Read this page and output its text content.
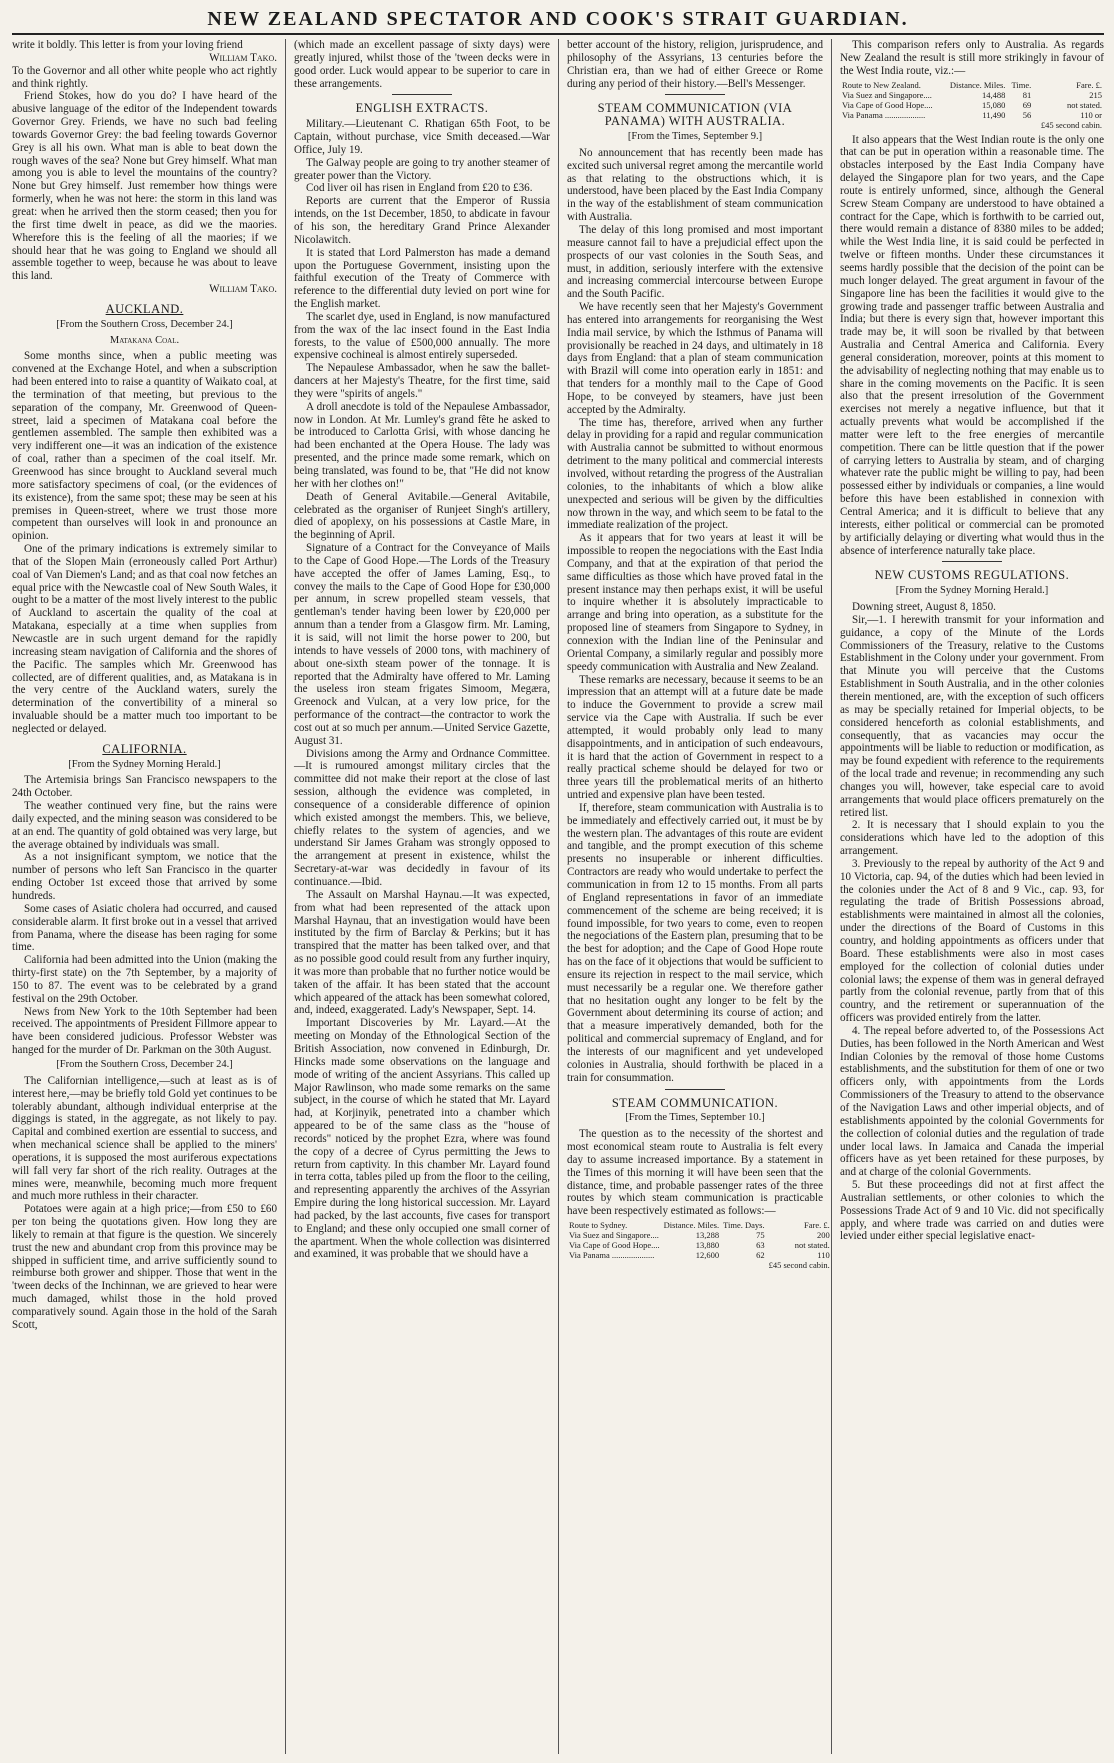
NEW ZEALAND SPECTATOR AND COOK'S STRAIT GUARDIAN.

write it boldly. This letter is from your loving friend

William Tako.

To the Governor and all other white people who act rightly and think rightly.

Friend Stokes, how do you do? I have heard of the abusive language of the editor of the Independent towards Governor Grey. Friends, we have no such bad feeling towards Governor Grey: the bad feeling towards Governor Grey is all his own. What man is able to beat down the rough waves of the sea? None but Grey himself. What man among you is able to level the mountains of the country? None but Grey himself. Just remember how things were formerly, when he was not here: the storm in this land was great: when he arrived then the storm ceased; then you for the first time dwelt in peace, as did we the maories. Wherefore this is the feeling of all the maories; if we should hear that he was going to England we should all assemble together to weep, because he was about to leave this land.

William Tako.

AUCKLAND.
[From the Southern Cross, December 24.]
Matakana Coal.

Some months since, when a public meeting was convened at the Exchange Hotel, and when a subscription had been entered into to raise a quantity of Waikato coal, at the termination of that meeting, but previous to the separation of the company, Mr. Greenwood of Queen-street, laid a specimen of Matakana coal before the gentlemen assembled. The sample then exhibited was a very indifferent one—it was an indication of the existence of coal, rather than a specimen of the coal itself. Mr. Greenwood has since brought to Auckland several much more satisfactory specimens of coal, (or the evidences of its existence), from the same spot; these may be seen at his premises in Queen-street, where we trust those more competent than ourselves will look in and pronounce an opinion.

One of the primary indications is extremely similar to that of the Slopen Main (erroneously called Port Arthur) coal of Van Diemen's Land; and as that coal now fetches an equal price with the Newcastle coal of New South Wales, it ought to be a matter of the most lively interest to the public of Auckland to ascertain the quality of the coal at Matakana, especially at a time when supplies from Newcastle are in such urgent demand for the rapidly increasing steam navigation of California and the shores of the Pacific. The samples which Mr. Greenwood has collected, are of different qualities, and, as Matakana is in the very centre of the Auckland waters, surely the determination of the convertibility of a mineral so invaluable should be a matter much too important to be neglected or delayed.

CALIFORNIA.
[From the Sydney Morning Herald.]

The Artemisia brings San Francisco newspapers to the 24th October.

The weather continued very fine, but the rains were daily expected, and the mining season was considered to be at an end. The quantity of gold obtained was very large, but the average obtained by individuals was small.

As a not insignificant symptom, we notice that the number of persons who left San Francisco in the quarter ending October 1st exceed those that arrived by some hundreds.

Some cases of Asiatic cholera had occurred, and caused considerable alarm. It first broke out in a vessel that arrived from Panama, where the disease has been raging for some time.

California had been admitted into the Union (making the thirty-first state) on the 7th September, by a majority of 150 to 87. The event was to be celebrated by a grand festival on the 29th October.

News from New York to the 10th September had been received. The appointments of President Fillmore appear to have been considered judicious. Professor Webster was hanged for the murder of Dr. Parkman on the 30th August.

[From the Southern Cross, December 24.]

The Californian intelligence,—such at least as is of interest here,—may be briefly told Gold yet continues to be tolerably abundant, although individual enterprise at the diggings is stated, in the aggregate, as not likely to pay. Capital and combined exertion are essential to success, and when mechanical science shall be applied to the miners' operations, it is supposed the most auriferous expectations will fall very far short of the rich reality. Outrages at the mines were, meanwhile, becoming much more frequent and much more ruthless in their character.

Potatoes were again at a high price;—from £50 to £60 per ton being the quotations given. How long they are likely to remain at that figure is the question. We sincerely trust the new and abundant crop from this province may be shipped in sufficient time, and arrive sufficiently sound to reimburse both grower and shipper. Those that went in the 'tween decks of the Inchinnan, we are grieved to hear were much damaged, whilst those in the hold proved comparatively sound. Again those in the hold of the Sarah Scott,

(which made an excellent passage of sixty days) were greatly injured, whilst those of the 'tween decks were in good order. Luck would appear to be superior to care in these arrangements.

ENGLISH EXTRACTS.

Military.—Lieutenant C. Rhatigan 65th Foot, to be Captain, without purchase, vice Smith deceased.—War Office, July 19.

The Galway people are going to try another steamer of greater power than the Victory.

Cod liver oil has risen in England from £20 to £36.

Reports are current that the Emperor of Russia intends, on the 1st December, 1850, to abdicate in favour of his son, the hereditary Grand Prince Alexander Nicolawitch.

It is stated that Lord Palmerston has made a demand upon the Portuguese Government, insisting upon the faithful execution of the Treaty of Commerce with reference to the differential duty levied on port wine for the English market.

The scarlet dye, used in England, is now manufactured from the wax of the lac insect found in the East India forests, to the value of £500,000 annually. The more expensive cochineal is almost entirely superseded.

The Nepaulese Ambassador, when he saw the ballet-dancers at her Majesty's Theatre, for the first time, said they were "spirits of angels."

A droll anecdote is told of the Nepaulese Ambassador, now in London. At Mr. Lumley's grand fête he asked to be introduced to Carlotta Grisi, with whose dancing he had been enchanted at the Opera House. The lady was presented, and the prince made some remark, which on being translated, was found to be, that "He did not know her with her clothes on!"

Death of General Avitabile.—General Avitabile, celebrated as the organiser of Runjeet Singh's artillery, died of apoplexy, on his possessions at Castle Mare, in the beginning of April.

Signature of a Contract for the Conveyance of Mails to the Cape of Good Hope.—The Lords of the Treasury have accepted the offer of James Laming, Esq., to convey the mails to the Cape of Good Hope for £30,000 per annum, in screw propelled steam vessels, that gentleman's tender having been lower by £20,000 per annum than a tender from a Glasgow firm. Mr. Laming, it is said, will not limit the horse power to 200, but intends to have vessels of 2000 tons, with machinery of about one-sixth steam power of the tonnage. It is reported that the Admiralty have offered to Mr. Laming the useless iron steam frigates Simoom, Megæra, Greenock and Vulcan, at a very low price, for the performance of the contract—the contractor to work the cost out at so much per annum.—United Service Gazette, August 31.

Divisions among the Army and Ordnance Committee.—It is rumoured amongst military circles that the committee did not make their report at the close of last session, although the evidence was completed, in consequence of a considerable difference of opinion which existed amongst the members. This, we believe, chiefly relates to the system of agencies, and we understand Sir James Graham was strongly opposed to the arrangement at present in existence, whilst the Secretary-at-war was decidedly in favour of its continuance.—Ibid.

The Assault on Marshal Haynau.—It was expected, from what had been represented of the attack upon Marshal Haynau, that an investigation would have been instituted by the firm of Barclay & Perkins; but it has transpired that the matter has been talked over, and that as no possible good could result from any further inquiry, it was more than probable that no further notice would be taken of the affair. It has been stated that the account which appeared of the attack has been somewhat colored, and, indeed, exaggerated. Lady's Newspaper, Sept. 14.

Important Discoveries by Mr. Layard.—At the meeting on Monday of the Ethnological Section of the British Association, now convened in Edinburgh, Dr. Hincks made some observations on the language and mode of writing of the ancient Assyrians. This called up Major Rawlinson, who made some remarks on the same subject, in the course of which he stated that Mr. Layard had, at Korjinyik, penetrated into a chamber which appeared to be of the same class as the "house of records" noticed by the prophet Ezra, where was found the copy of a decree of Cyrus permitting the Jews to return from captivity. In this chamber Mr. Layard found in terra cotta, tables piled up from the floor to the ceiling, and representing apparently the archives of the Assyrian Empire during the long historical succession. Mr. Layard had packed, by the last accounts, five cases for transport to England; and these only occupied one small corner of the apartment. When the whole collection was disinterred and examined, it was probable that we should have a

better account of the history, religion, jurisprudence, and philosophy of the Assyrians, 13 centuries before the Christian era, than we had of either Greece or Rome during any period of their history.—Bell's Messenger.

STEAM COMMUNICATION (VIA PANAMA) WITH AUSTRALIA.
[From the Times, September 9.]

No announcement that has recently been made has excited such universal regret among the mercantile world as that relating to the obstructions which, it is understood, have been placed by the East India Company in the way of the establishment of steam communication with Australia.

The delay of this long promised and most important measure cannot fail to have a prejudicial effect upon the prospects of our vast colonies in the South Seas, and must, in addition, seriously interfere with the extensive and increasing commercial intercourse between Europe and the South Pacific.

We have recently seen that her Majesty's Government has entered into arrangements for reorganising the West India mail service, by which the Isthmus of Panama will provisionally be reached in 24 days, and ultimately in 18 days from England: that a plan of steam communication with Brazil will come into operation early in 1851: and that tenders for a monthly mail to the Cape of Good Hope, to be conveyed by steamers, have just been accepted by the Admiralty.

The time has, therefore, arrived when any further delay in providing for a rapid and regular communication with Australia cannot be submitted to without enormous detriment to the many political and commercial interests involved, without retarding the progress of the Australian colonies, to the inhabitants of which a blow alike unexpected and serious will be given by the difficulties now thrown in the way, and which seem to be fatal to the immediate realization of the project.

As it appears that for two years at least it will be impossible to reopen the negociations with the East India Company, and that at the expiration of that period the same difficulties as those which have proved fatal in the present instance may then perhaps exist, it will be useful to inquire whether it is absolutely impracticable to arrange and bring into operation, as a substitute for the proposed line of steamers from Singapore to Sydney, in connexion with the Indian line of the Peninsular and Oriental Company, a similarly regular and possibly more speedy communication with Australia and New Zealand.

These remarks are necessary, because it seems to be an impression that an attempt will at a future date be made to induce the Government to provide a screw mail service via the Cape with Australia. If such be ever attempted, it would probably only lead to many disappointments, and in anticipation of such endeavours, it is hard that the action of Government in respect to a really practical scheme should be delayed for two or three years till the problematical merits of an hitherto untried and expensive plan have been tested.

If, therefore, steam communication with Australia is to be immediately and effectively carried out, it must be by the western plan. The advantages of this route are evident and tangible, and the prompt execution of this scheme presents no insuperable or inherent difficulties. Contractors are ready who would undertake to perfect the communication in from 12 to 15 months. From all parts of England representations in favor of an immediate commencement of the scheme are being received; it is found impossible, for two years to come, even to reopen the negociations of the Eastern plan, presuming that to be the best for adoption; and the Cape of Good Hope route has on the face of it objections that would be sufficient to ensure its rejection in respect to the mail service, which must necessarily be a regular one. We therefore gather that no hesitation ought any longer to be felt by the Government about determining its course of action; and that a measure imperatively demanded, both for the political and commercial supremacy of England, and for the interests of our magnificent and yet undeveloped colonies in Australia, should forthwith be placed in a train for consummation.

STEAM COMMUNICATION.
[From the Times, September 10.]

The question as to the necessity of the shortest and most economical steam route to Australia is felt every day to assume increased importance. By a statement in the Times of this morning it will have been seen that the distance, time, and probable passenger rates of the three routes by which steam communication is practicable have been respectively estimated as follows:—

Route to Sydney.	Distance. Miles.	Time. Days.	Fare. £.
Via Suez and Singapore....	13,288	75	200
Via Cape of Good Hope....	13,880	63	not stated.
Via Panama ....................	12,600	62	110
			£45 second cabin.

This comparison refers only to Australia. As regards New Zealand the result is still more strikingly in favour of the West India route, viz.:—

Route to New Zealand.	Distance. Miles.	Time.	Fare. £.
Via Suez and Singapore....	14,488	81	215
Via Cape of Good Hope....	15,080	69	not stated.
Via Panama ...................	11,490	56	110 or
			£45 second cabin.

It also appears that the West Indian route is the only one that can be put in operation within a reasonable time. The obstacles interposed by the East India Company have delayed the Singapore plan for two years, and the Cape route is entirely unformed, since, although the General Screw Steam Company are understood to have obtained a contract for the Cape, which is forthwith to be carried out, there would remain a distance of 8380 miles to be added; while the West India line, it is said could be perfected in twelve or fifteen months. Under these circumstances it seems hardly possible that the decision of the point can be much longer delayed. The great argument in favour of the Singapore line has been the facilities it would give to the growing trade and passenger traffic between Australia and India; but there is every sign that, however important this trade may be, it will soon be rivalled by that between Australia and Central America and California. Every general consideration, moreover, points at this moment to the advisability of neglecting nothing that may enable us to share in the coming movements on the Pacific. It is seen also that the present irresolution of the Government exercises not merely a negative influence, but that it actually prevents what would be accomplished if the matter were left to the free energies of mercantile competition. There can be little question that if the power of carrying letters to Australia by steam, and of charging whatever rate the public might be willing to pay, had been possessed either by individuals or companies, a line would before this have been established in connexion with Central America; and it is difficult to believe that any interests, either political or commercial can be promoted by artificially delaying or diverting what would thus in the absence of interference naturally take place.

NEW CUSTOMS REGULATIONS.
[From the Sydney Morning Herald.]

Downing street, August 8, 1850.

Sir,—1. I herewith transmit for your information and guidance, a copy of the Minute of the Lords Commissioners of the Treasury, relative to the Customs Establishment in the Colony under your government. From that Minute you will perceive that the Customs Establishment in South Australia, and in the other colonies therein mentioned, are, with the exception of such officers as may be specially retained for Imperial objects, to be considered henceforth as colonial establishments, and consequently, that as vacancies may occur the appointments will be liable to reduction or modification, as may be found expedient with reference to the requirements of the local trade and revenue; in recommending any such changes you will, however, take especial care to avoid arrangements that would place officers prematurely on the retired list.

2. It is necessary that I should explain to you the considerations which have led to the adoption of this arrangement.

3. Previously to the repeal by authority of the Act 9 and 10 Victoria, cap. 94, of the duties which had been levied in the colonies under the Act of 8 and 9 Vic., cap. 93, for regulating the trade of British Possessions abroad, establishments were maintained in almost all the colonies, under the directions of the Board of Customs in this country, and holding appointments as officers under that Board. These establishments were also in most cases employed for the collection of colonial duties under colonial laws; the expense of them was in general defrayed partly from the colonial revenue, partly from that of this country, and the retirement or superannuation of the officers was provided entirely from the latter.

4. The repeal before adverted to, of the Possessions Act Duties, has been followed in the North American and West Indian Colonies by the removal of those home Customs establishments, and the substitution for them of one or two officers only, with appointments from the Lords Commissioners of the Treasury to attend to the observance of the Navigation Laws and other imperial objects, and of establishments appointed by the colonial Governments for the collection of colonial duties and the regulation of trade under local laws. In Jamaica and Canada the imperial officers have as yet been retained for these purposes, by and at charge of the colonial Governments.

5. But these proceedings did not at first affect the Australian settlements, or other colonies to which the Possessions Trade Act of 9 and 10 Vic. did not specifically apply, and where trade was carried on and duties were levied under either special legislative enact-
